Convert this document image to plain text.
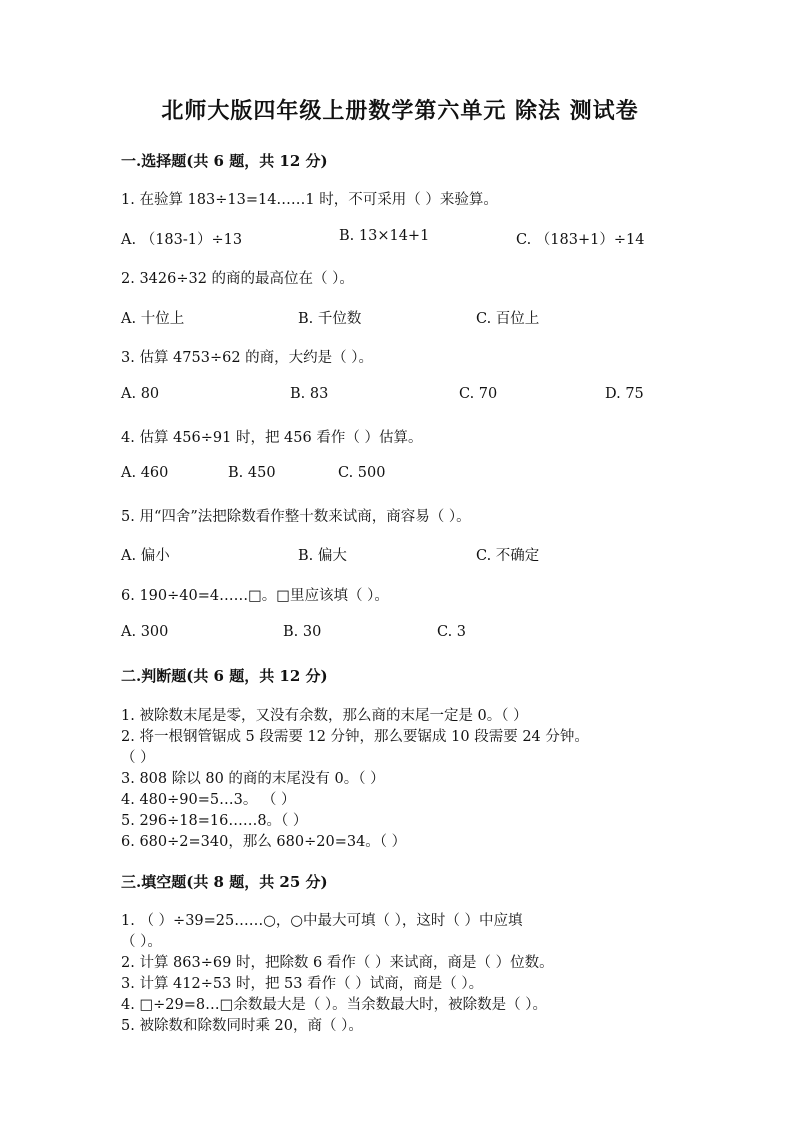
北师大版四年级上册数学第六单元 除法 测试卷
一.选择题(共 6 题，共 12 分)
1. 在验算 183÷13=14……1 时，不可采用（ ）来验算。
A. （183-1）÷13	B. 13×14+1	C. （183+1）÷14
2. 3426÷32 的商的最高位在（ ）。
A. 十位上	B. 千位数	C. 百位上
3. 估算 4753÷62 的商，大约是（ ）。
A. 80	B. 83	C. 70	D. 75
4. 估算 456÷91 时，把 456 看作（ ）估算。
A. 460	B. 450	C. 500
5. 用“四舍”法把除数看作整十数来试商，商容易（ ）。
A. 偏小	B. 偏大	C. 不确定
6. 190÷40=4……□。□里应该填（ ）。
A. 300	B. 30	C. 3
二.判断题(共 6 题，共 12 分)
1. 被除数末尾是零，又没有余数，那么商的末尾一定是 0。（ ）
2. 将一根钢管锯成 5 段需要 12 分钟，那么要锯成 10 段需要 24 分钟。
（ ）
3. 808 除以 80 的商的末尾没有 0。（ ）
4. 480÷90=5…3。 （ ）
5. 296÷18=16……8。（ ）
6. 680÷2=340，那么 680÷20=34。（ ）
三.填空题(共 8 题，共 25 分)
1. （ ）÷39=25……○，○中最大可填（ ），这时（ ）中应填
（ ）。
2. 计算 863÷69 时，把除数 6 看作（ ）来试商，商是（ ）位数。
3. 计算 412÷53 时，把 53 看作（ ）试商，商是（ ）。
4. □÷29=8…□余数最大是（ ）。当余数最大时，被除数是（ ）。
5. 被除数和除数同时乘 20，商（ ）。
